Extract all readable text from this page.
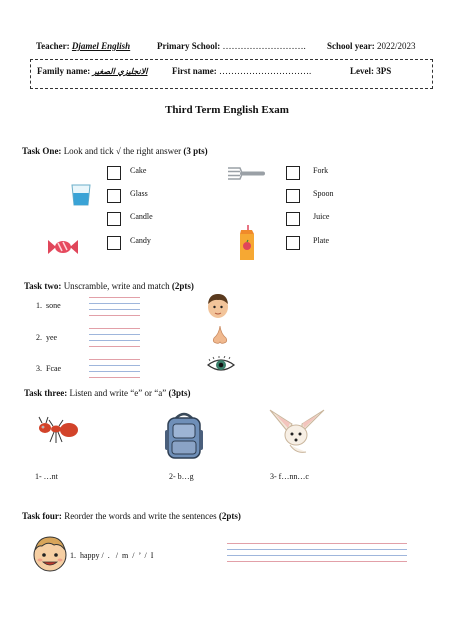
Teacher: Djamel English	Primary School: ………………………. School year: 2022/2023
Family name: الانجليزي الصغير	First name: ………………………….	Level: 3PS
Third Term English Exam
Task One: Look and tick √ the right answer (3 pts)
Cake
Glass
Candle
Candy
Fork
Spoon
Juice
Plate
Task two: Unscramble, write and match (2pts)
1. sone
2. yee
3. Fcae
Task three: Listen and write “e” or “a” (3pts)
1- …nt	2- b…g	3- f…nn…c
Task four: Reorder the words and write the sentences (2pts)
1. happy /  .   /  m  /  ’  /  I
